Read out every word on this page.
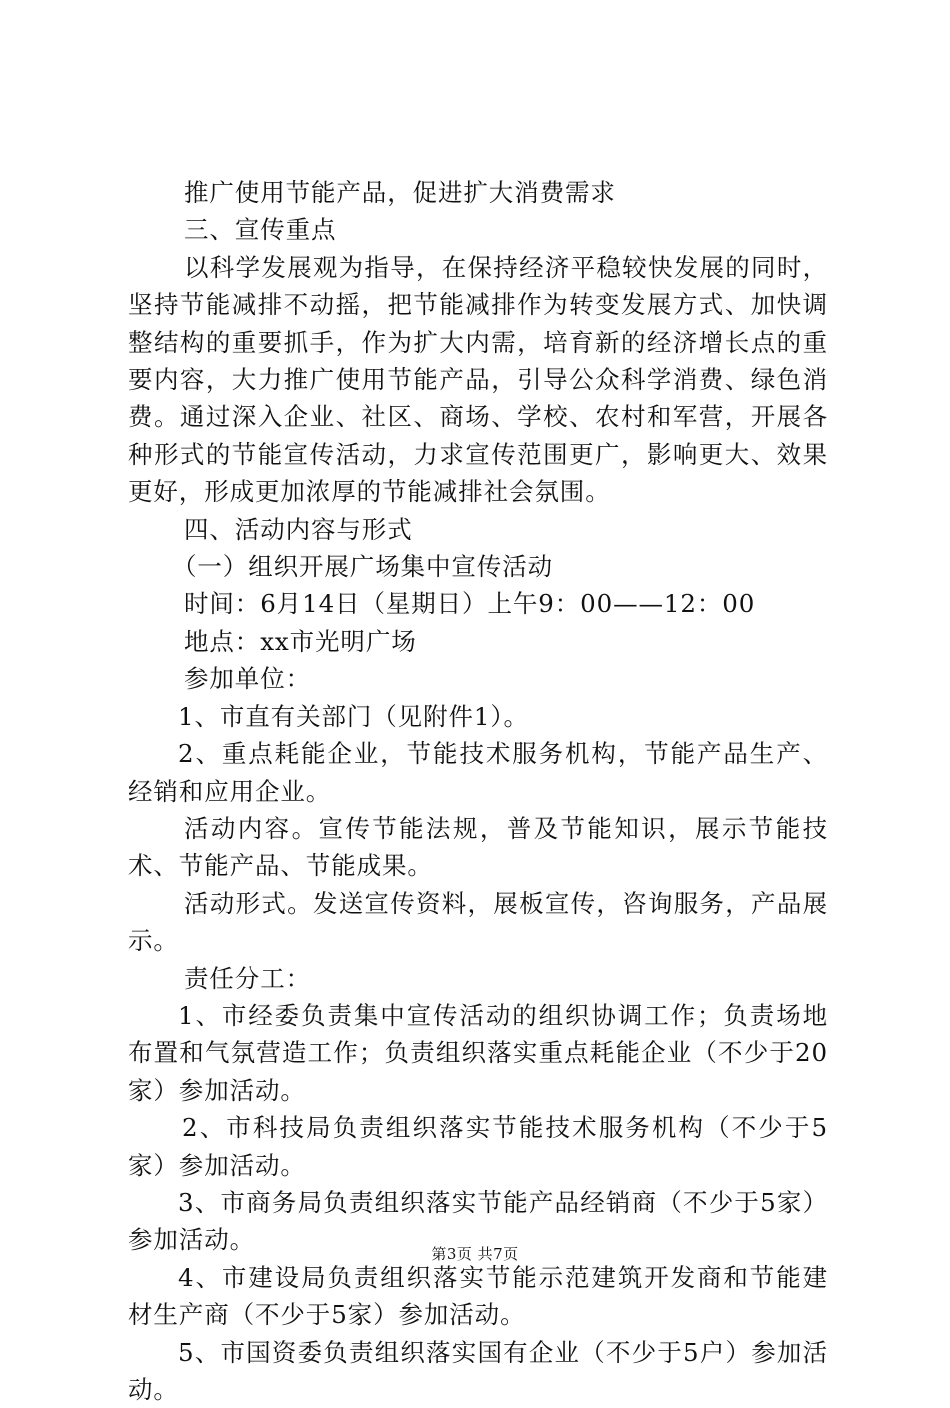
推广使用节能产品，促进扩大消费需求

三、宣传重点

以科学发展观为指导，在保持经济平稳较快发展的同时，坚持节能减排不动摇，把节能减排作为转变发展方式、加快调整结构的重要抓手，作为扩大内需，培育新的经济增长点的重要内容，大力推广使用节能产品，引导公众科学消费、绿色消费。通过深入企业、社区、商场、学校、农村和军营，开展各种形式的节能宣传活动，力求宣传范围更广，影响更大、效果更好，形成更加浓厚的节能减排社会氛围。

四、活动内容与形式

（一）组织开展广场集中宣传活动

时间：6月14日（星期日）上午9：00——12：00

地点：xx市光明广场

参加单位：

1、市直有关部门（见附件1）。

2、重点耗能企业，节能技术服务机构，节能产品生产、经销和应用企业。

活动内容。宣传节能法规，普及节能知识，展示节能技术、节能产品、节能成果。

活动形式。发送宣传资料，展板宣传，咨询服务，产品展示。

责任分工：

1、市经委负责集中宣传活动的组织协调工作；负责场地布置和气氛营造工作；负责组织落实重点耗能企业（不少于20家）参加活动。

2、市科技局负责组织落实节能技术服务机构（不少于5家）参加活动。

3、市商务局负责组织落实节能产品经销商（不少于5家）参加活动。

4、市建设局负责组织落实节能示范建筑开发商和节能建材生产商（不少于5家）参加活动。

5、市国资委负责组织落实国有企业（不少于5户）参加活动。

第3页 共7页
